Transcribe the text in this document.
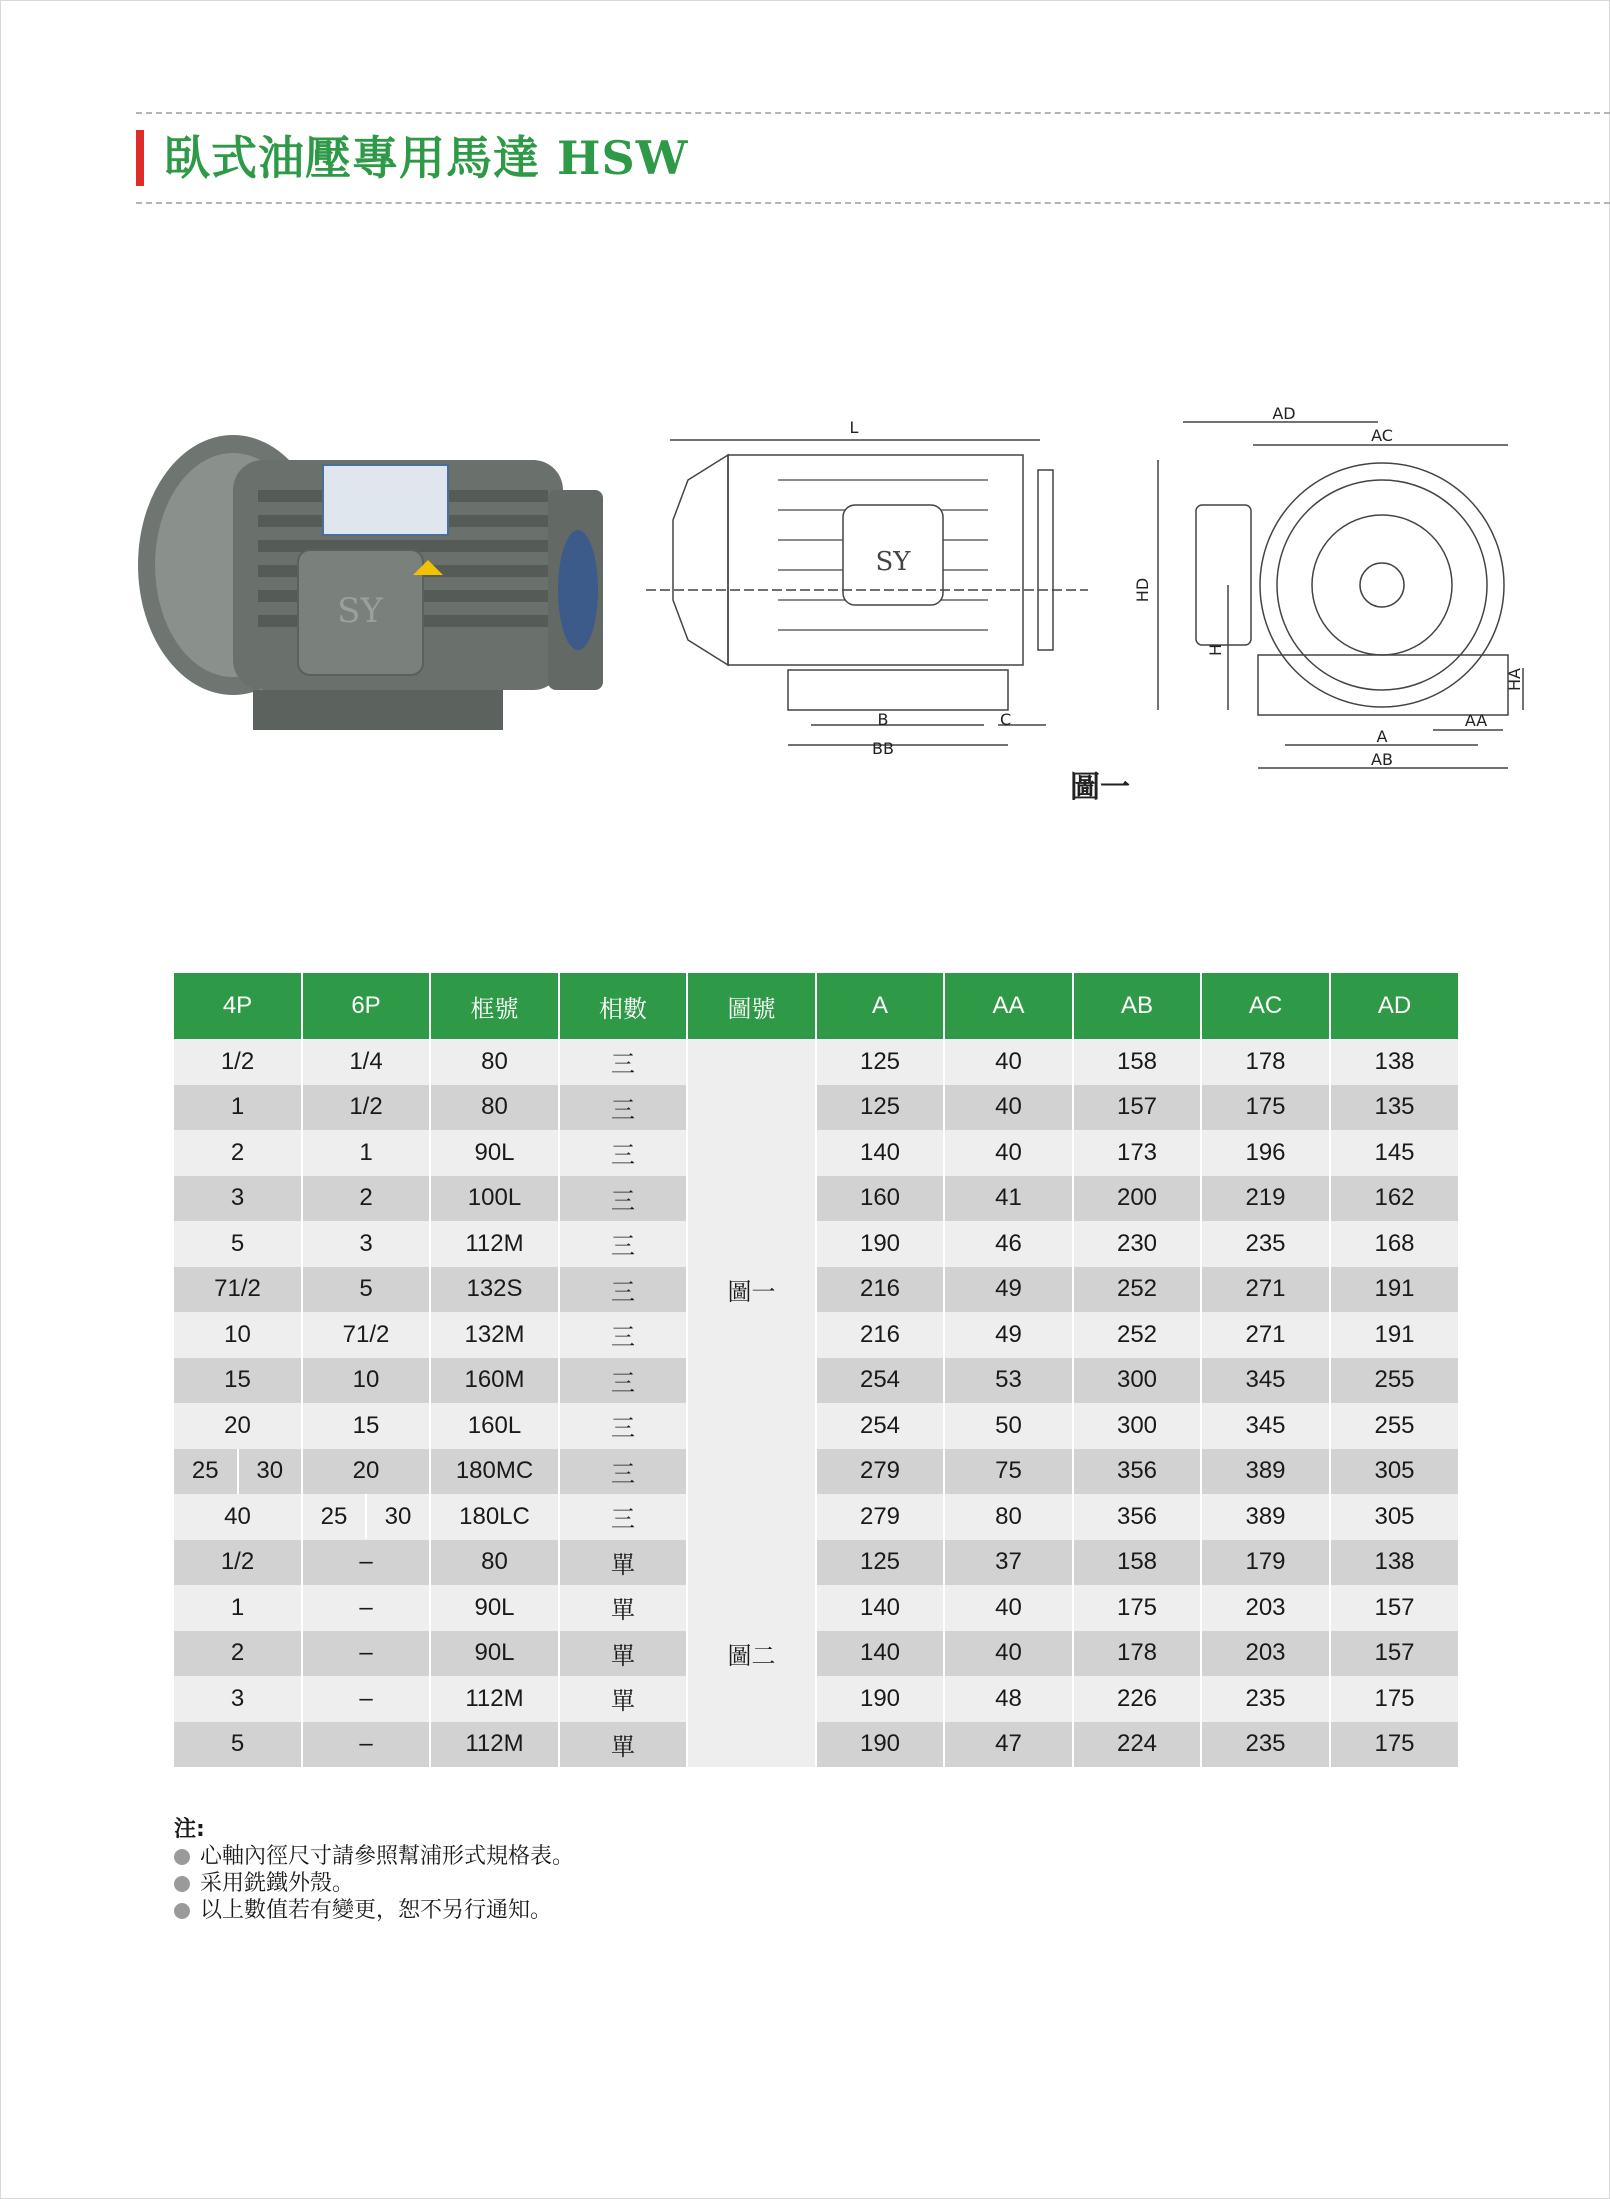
臥式油壓專用馬達 HSW
SY
L
SY
B	C
BB
AD
AC
HD
H
HA
AA
A
AB
圖一
4P	6P	框號	相數	圖號	A	AA	AB	AC	AD
1/2	1/4	80	三	圖一	125	40	158	178	138
1	1/2	80	三		125	40	157	175	135
2	1	90L	三		140	40	173	196	145
3	2	100L	三		160	41	200	219	162
5	3	112M	三		190	46	230	235	168
71/2	5	132S	三		216	49	252	271	191
10	71/2	132M	三		216	49	252	271	191
15	10	160M	三		254	53	300	345	255
20	15	160L	三		254	50	300	345	255

25 30	20	180MC	三		279	75	356	389	305
40	25 30	180LC	三		279	80	356	389	305
1/2	–	80	單	圖二	125	37	158	179	138
1	–	90L	單		140	40	175	203	157
2	–	90L	單		140	40	178	203	157
3	–	112M	單		190	48	226	235	175
5	–	112M	單		190	47	224	235	175
注:
心軸內徑尺寸請參照幫浦形式規格表。
采用銑鐵外殼。
以上數值若有變更，恕不另行通知。
